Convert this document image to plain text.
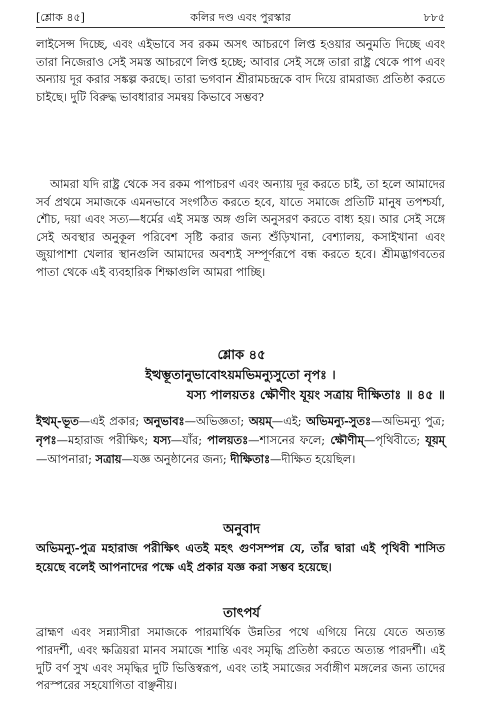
[শ্লোক ৪৫]	কলির দণ্ড এবং পুরস্কার	৮৮৫
লাইসেন্স দিচ্ছে, এবং এইভাবে সব রকম অসৎ আচরণে লিপ্ত হওয়ার অনুমতি দিচ্ছে এবং তারা নিজেরাও সেই সমস্ত আচরণে লিপ্ত হচ্ছে; আবার সেই সঙ্গে তারা রাষ্ট্র থেকে পাপ এবং অন্যায় দূর করার সঙ্কল্প করছে। তারা ভগবান শ্রীরামচন্দ্রকে বাদ দিয়ে রামরাজ্য প্রতিষ্ঠা করতে চাইছে। দুটি বিরুদ্ধ ভাবধারার সমন্বয় কিভাবে সম্ভব?
আমরা যদি রাষ্ট্র থেকে সব রকম পাপাচরণ এবং অন্যায় দূর করতে চাই, তা হলে আমাদের সর্ব প্রথমে সমাজকে এমনভাবে সংগঠিত করতে হবে, যাতে সমাজে প্রতিটি মানুষ তপশ্চর্যা, শৌচ, দয়া এবং সত্য—ধর্মের এই সমস্ত অঙ্গ গুলি অনুসরণ করতে বাধ্য হয়। আর সেই সঙ্গে সেই অবস্থার অনুকূল পরিবেশ সৃষ্টি করার জন্য শুঁড়িখানা, বেশ্যালয়, কসাইখানা এবং জুয়াপাশা খেলার স্থানগুলি আমাদের অবশ্যই সম্পূর্ণরূপে বন্ধ করতে হবে। শ্রীমদ্ভাগবতের পাতা থেকে এই ব্যবহারিক শিক্ষাগুলি আমরা পাচ্ছি।
শ্লোক ৪৫
ইত্থম্ভূতানুভাবোঽয়মভিমন্যুসুতো নৃপঃ ।
যস্য পালয়তঃ ক্ষৌণীং যূয়ং সত্রায় দীক্ষিতাঃ ॥ ৪৫ ॥
ইত্থম্-ভূত—এই প্রকার; অনুভাবঃ—অভিজ্ঞতা; অয়ম্—এই; অভিমন্যু-সুতঃ—অভিমন্যু পুত্র; নৃপঃ—মহারাজ পরীক্ষিৎ; যস্য—যাঁর; পালয়তঃ—শাসনের ফলে; ক্ষৌণীম্—পৃথিবীতে; যূয়ম্—আপনারা; সত্রায়—যজ্ঞ অনুষ্ঠানের জন্য; দীক্ষিতাঃ—দীক্ষিত হয়েছিল।
অনুবাদ
অভিমন্যু-পুত্র মহারাজ পরীক্ষিৎ এতই মহৎ গুণসম্পন্ন যে, তাঁর দ্বারা এই পৃথিবী শাসিত হয়েছে বলেই আপনাদের পক্ষে এই প্রকার যজ্ঞ করা সম্ভব হয়েছে।
তাৎপর্য
ব্রাহ্মণ এবং সন্ন্যাসীরা সমাজকে পারমার্থিক উন্নতির পথে এগিয়ে নিয়ে যেতে অত্যন্ত পারদর্শী, এবং ক্ষত্রিয়রা মানব সমাজে শান্তি এবং সমৃদ্ধি প্রতিষ্ঠা করতে অত্যন্ত পারদর্শী। এই দুটি বর্ণ সুখ এবং সমৃদ্ধির দুটি ভিত্তিস্বরূপ, এবং তাই সমাজের সর্বাঙ্গীণ মঙ্গলের জন্য তাদের পরস্পরের সহযোগিতা বাঞ্ছনীয়।
